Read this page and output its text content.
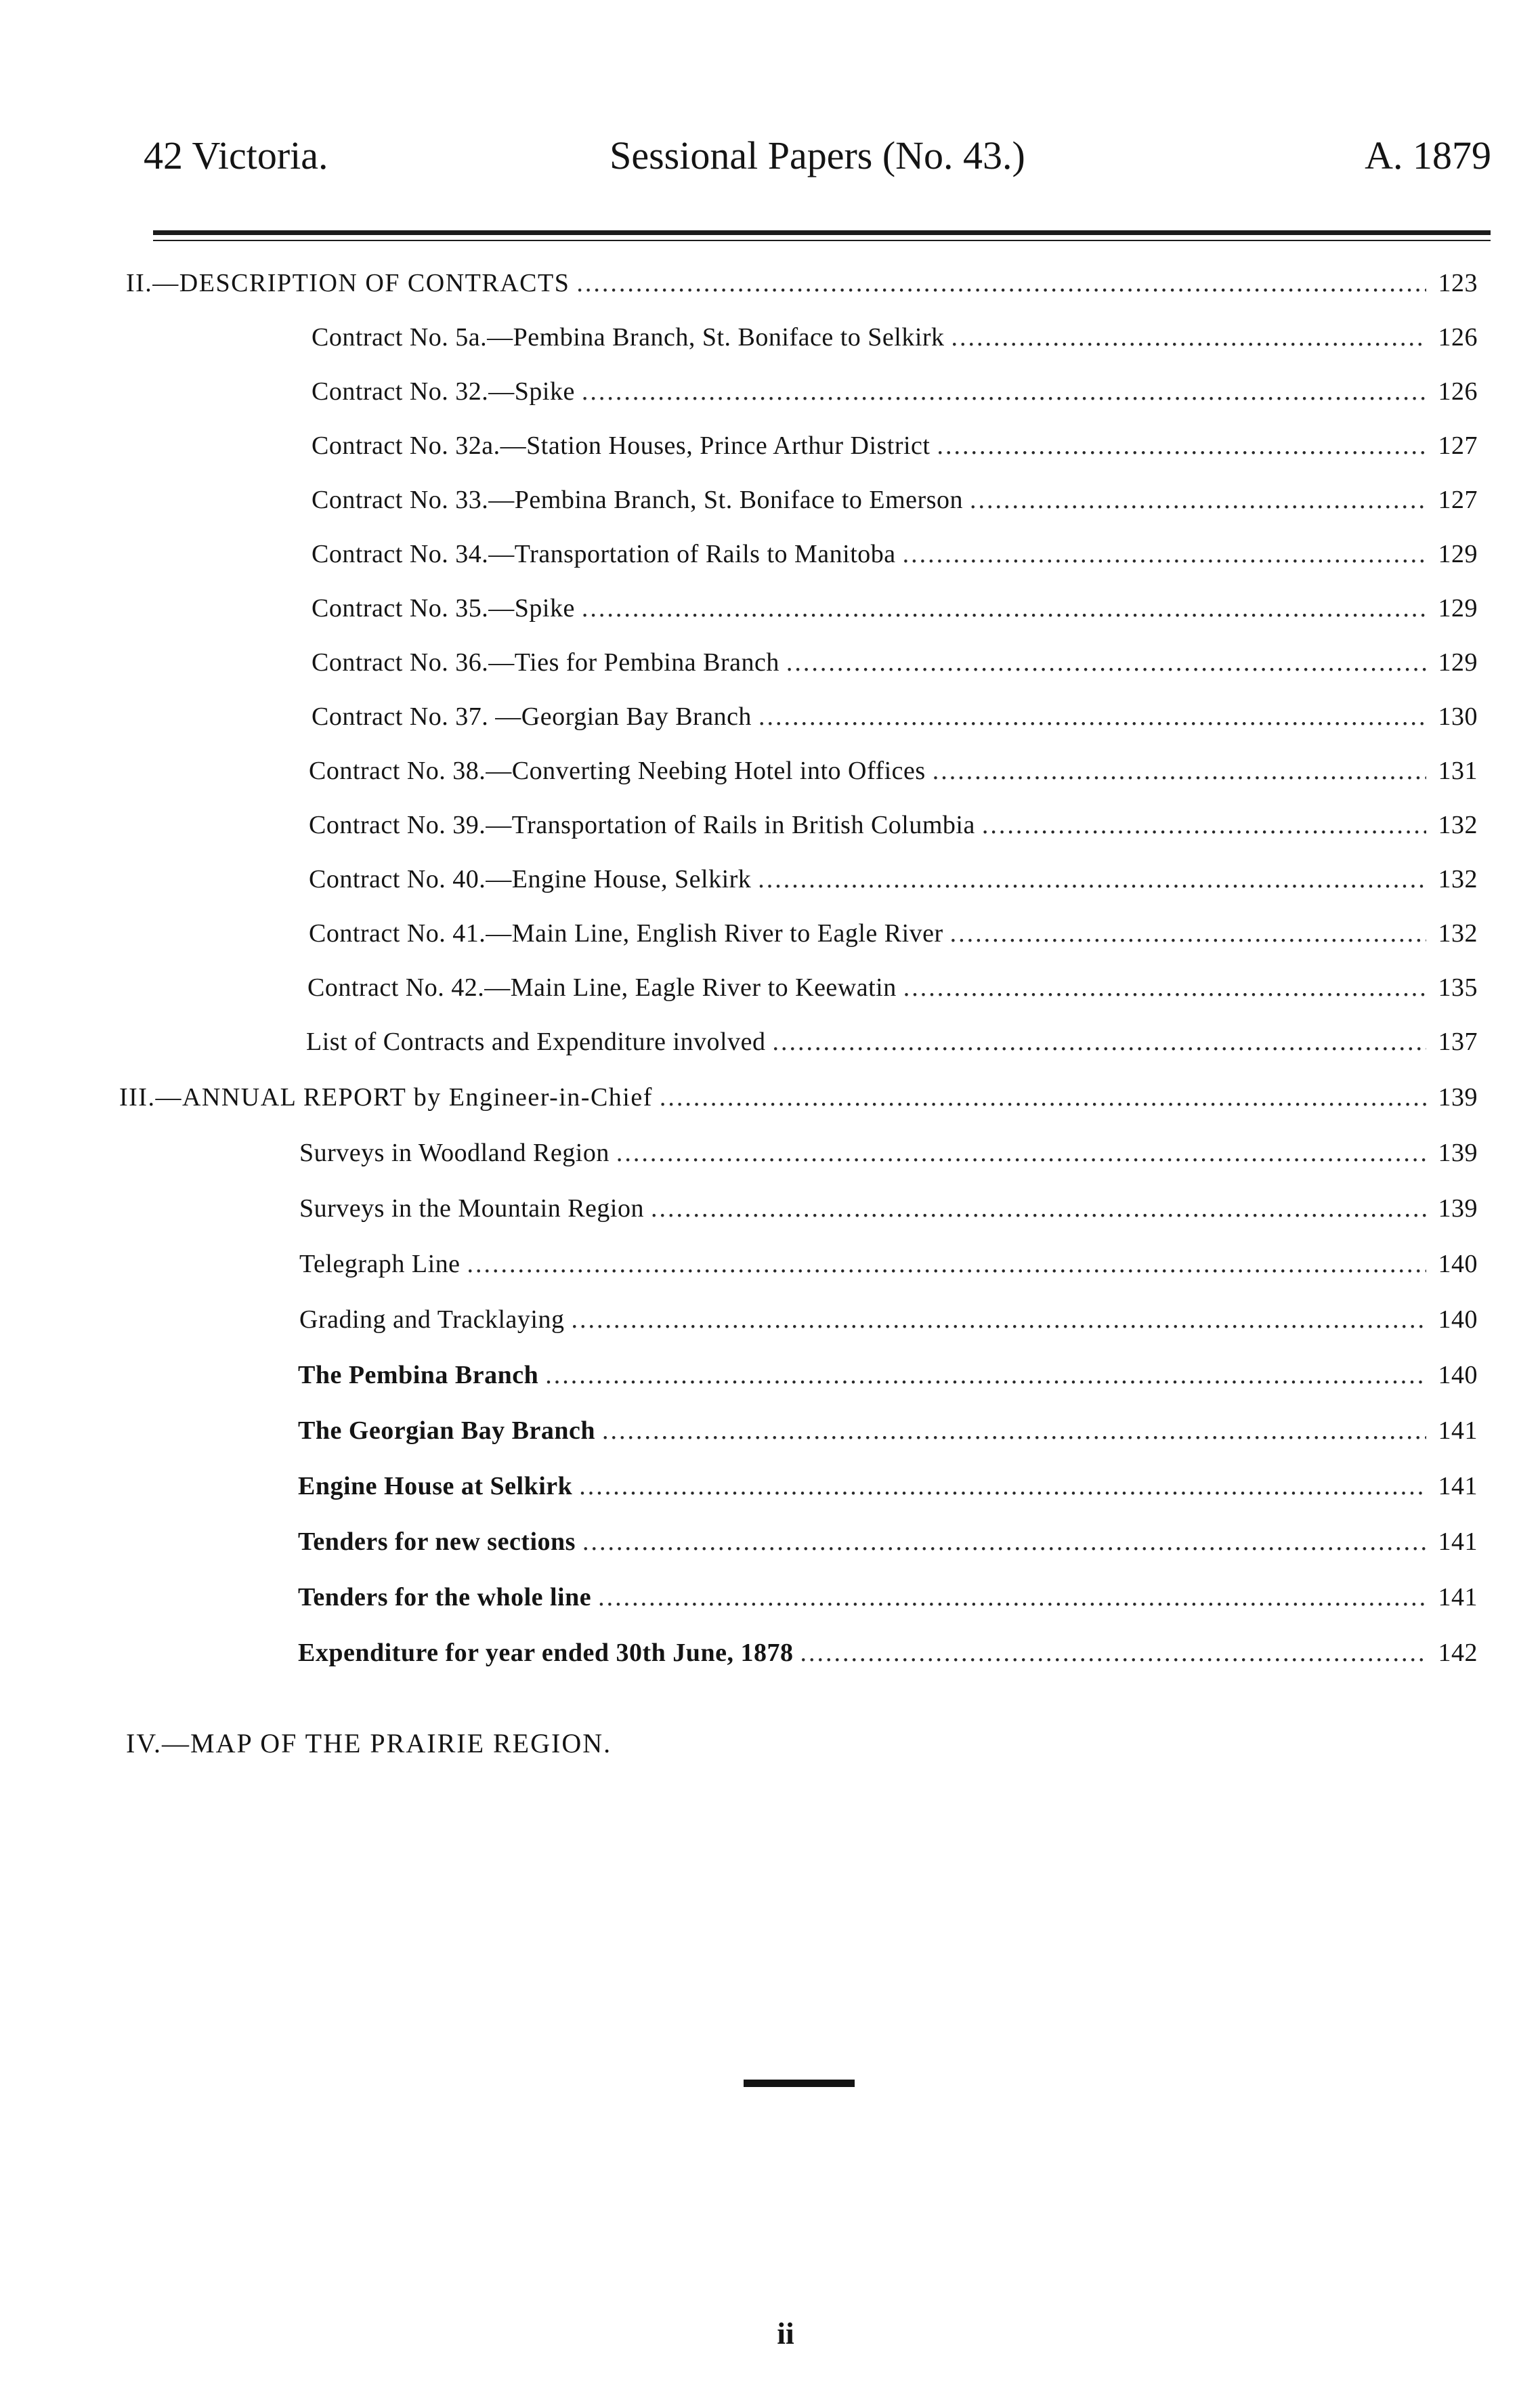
42 Victoria.	Sessional Papers (No. 43.)	A. 1879
II.—DESCRIPTION OF CONTRACTS .....	123
Contract No. 5a.—Pembina Branch, St. Boniface to Selkirk .....	126
Contract No. 32.—Spike .....	126
Contract No. 32a.—Station Houses, Prince Arthur District .....	127
Contract No. 33.—Pembina Branch, St. Boniface to Emerson .....	127
Contract No. 34.—Transportation of Rails to Manitoba .....	129
Contract No. 35.—Spike .....	129
Contract No. 36.—Ties for Pembina Branch .....	129
Contract No. 37. —Georgian Bay Branch .....	130
Contract No. 38.—Converting Neebing Hotel into Offices .....	131
Contract No. 39.—Transportation of Rails in British Columbia .....	132
Contract No. 40.—Engine House, Selkirk .....	132
Contract No. 41.—Main Line, English River to Eagle River .....	132
Contract No. 42.—Main Line, Eagle River to Keewatin .....	135
List of Contracts and Expenditure involved .....	137
III.—ANNUAL REPORT by Engineer-in-Chief .....	139
Surveys in Woodland Region .....	139
Surveys in the Mountain Region .....	139
Telegraph Line .....	140
Grading and Tracklaying .....	140
The Pembina Branch .....	140
The Georgian Bay Branch .....	141
Engine House at Selkirk .....	141
Tenders for new sections .....	141
Tenders for the whole line .....	141
Expenditure for year ended 30th June, 1878 .....	142
IV.—MAP OF THE PRAIRIE REGION.
ii
